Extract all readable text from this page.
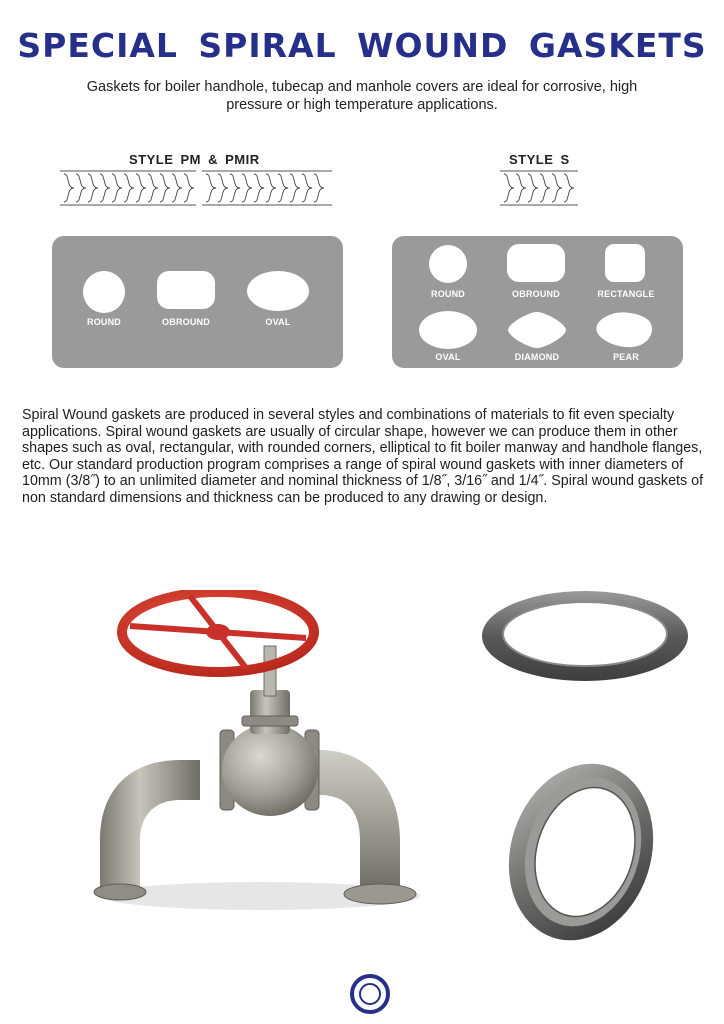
SPECIAL SPIRAL WOUND GASKETS

Gaskets for boiler handhole, tubecap and manhole covers are ideal for corrosive, high pressure or high temperature applications.

STYLE PM & PMIR	STYLE S
ROUND	OBROUND	OVAL
ROUND	OBROUND	RECTANGLE
OVAL	DIAMOND	PEAR

Spiral Wound gaskets are produced in several styles and combinations of materials to fit even specialty applications. Spiral wound gaskets are usually of circular shape, however we can produce them in other shapes such as oval, rectangular, with rounded corners, elliptical to fit boiler manway and handhole flanges, etc. Our standard production program comprises a range of spiral wound gaskets with inner diameters of 10mm (3/8˝) to an unlimited diameter and nominal thickness of 1/8˝, 3/16˝ and 1/4˝. Spiral wound gaskets of non standard dimensions and thickness can be produced to any drawing or design.
